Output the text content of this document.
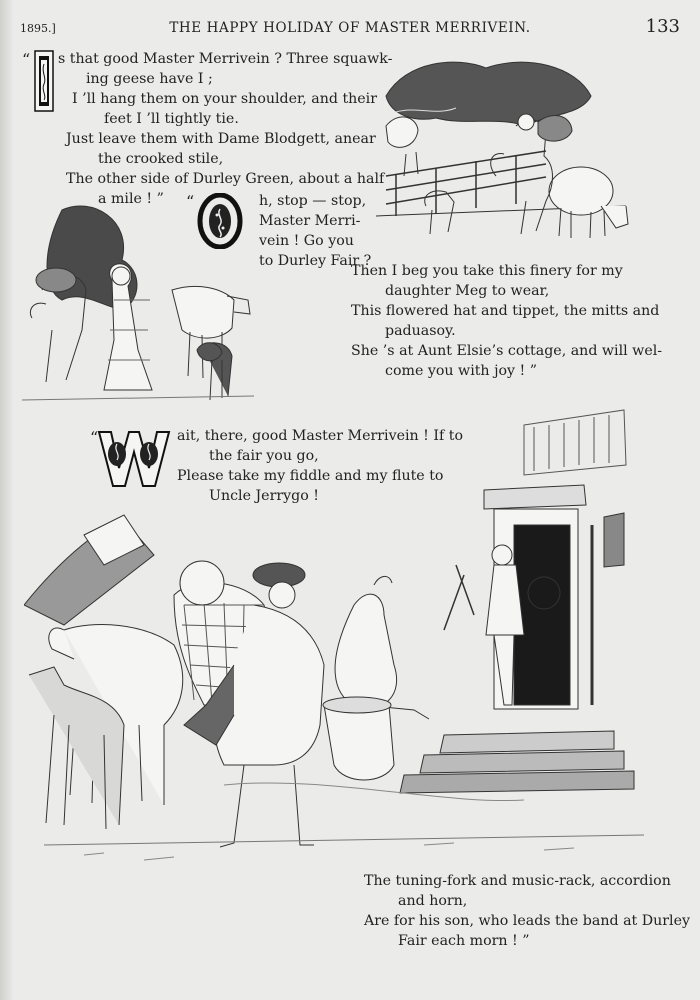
1895.]	THE HAPPY HOLIDAY OF MASTER MERRIVEIN.	133
“ s that good Master Merrivein ? Three squawk-
ing geese have I ;
I ’ll hang them on your shoulder, and their
feet I ’ll tightly tie.
Just leave them with Dame Blodgett, anear
the crooked stile,
The other side of Durley Green, about a half
a mile ! ”	“	h, stop — stop,
Master Merri-
vein ! Go you
to Durley Fair ?
Then I beg you take this finery for my
daughter Meg to wear,
This flowered hat and tippet, the mitts and
paduasoy.
She ’s at Aunt Elsie’s cottage, and will wel-
come you with joy ! ”
“	ait, there, good Master Merrivein ! If to
the fair you go,
Please take my fiddle and my flute to
Uncle Jerrygo !
The tuning-fork and music-rack, accordion
and horn,
Are for his son, who leads the band at Durley
Fair each morn ! ”
